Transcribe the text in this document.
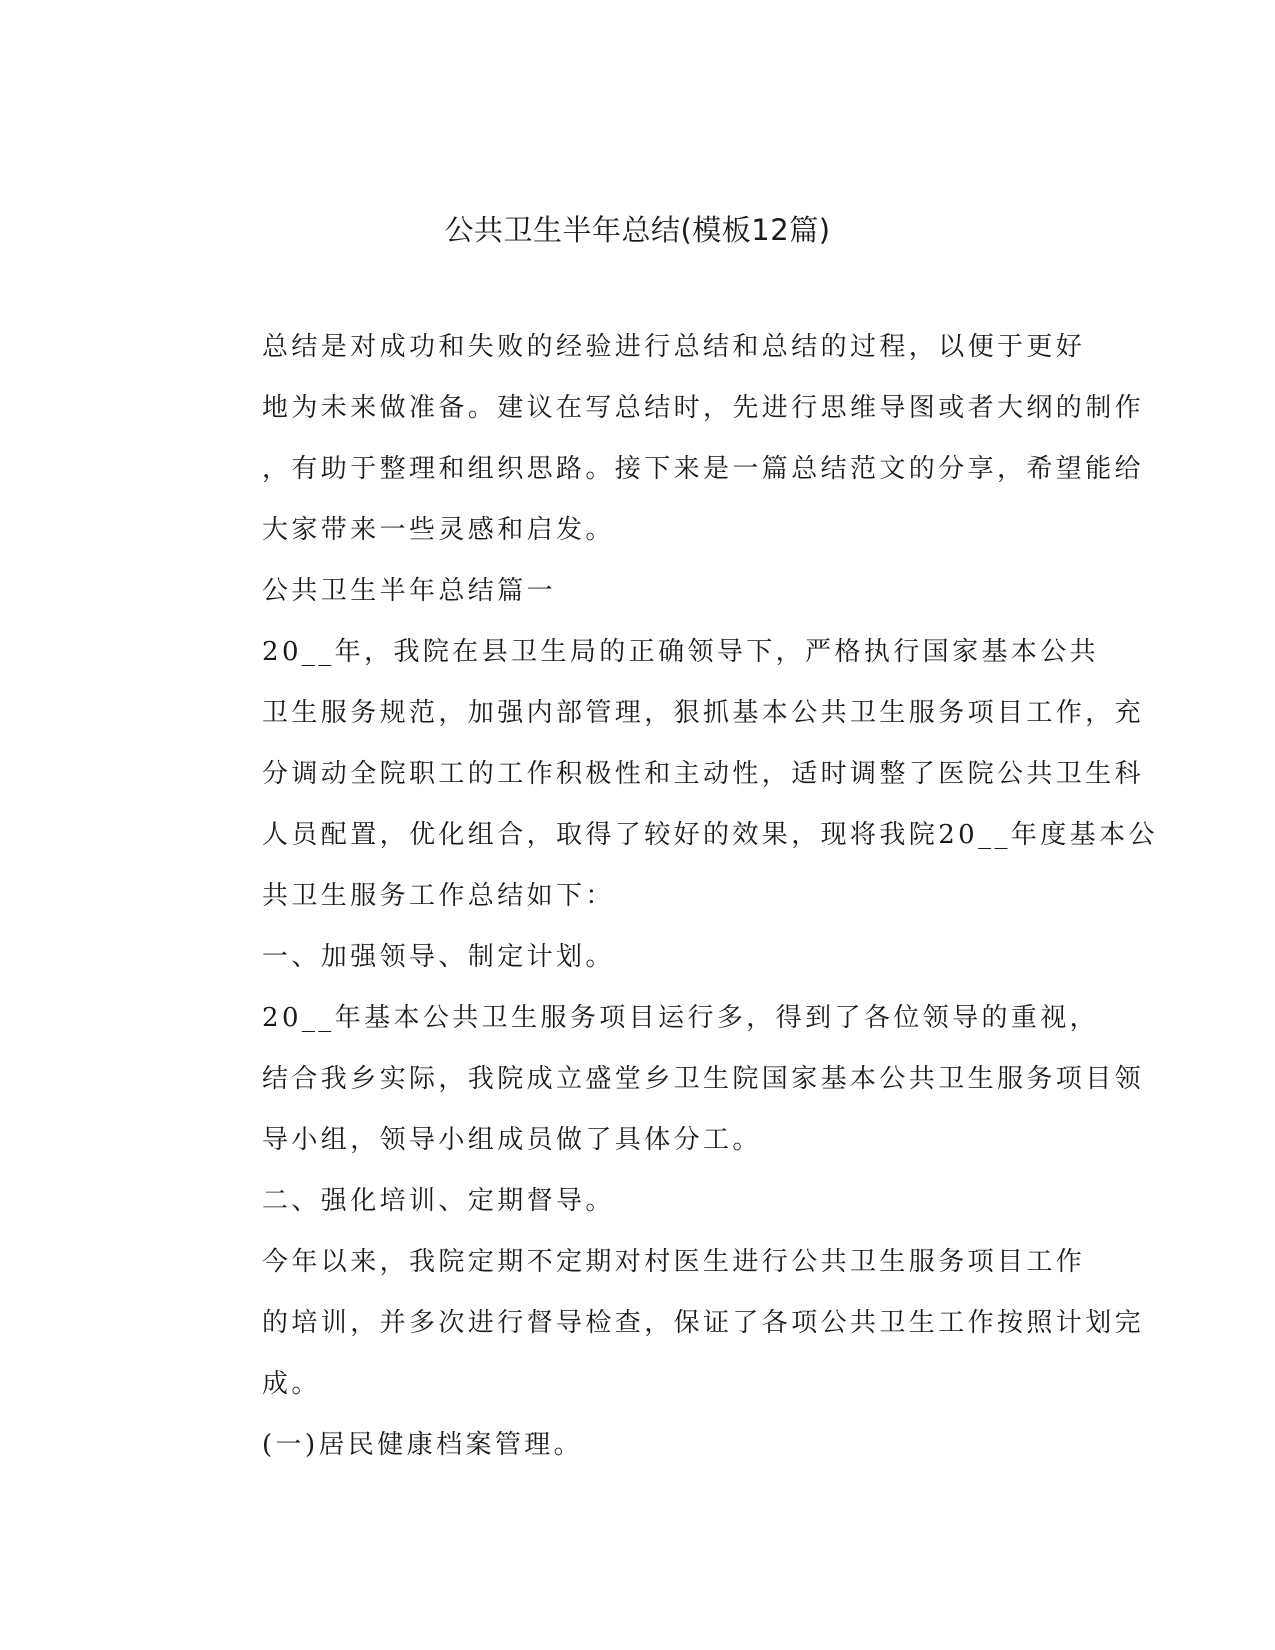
公共卫生半年总结(模板12篇)

总结是对成功和失败的经验进行总结和总结的过程，以便于更好
地为未来做准备。建议在写总结时，先进行思维导图或者大纲的制作
，有助于整理和组织思路。接下来是一篇总结范文的分享，希望能给
大家带来一些灵感和启发。

公共卫生半年总结篇一

20__年，我院在县卫生局的正确领导下，严格执行国家基本公共
卫生服务规范，加强内部管理，狠抓基本公共卫生服务项目工作，充
分调动全院职工的工作积极性和主动性，适时调整了医院公共卫生科
人员配置，优化组合，取得了较好的效果，现将我院20__年度基本公
共卫生服务工作总结如下：

一、加强领导、制定计划。

20__年基本公共卫生服务项目运行多，得到了各位领导的重视，
结合我乡实际，我院成立盛堂乡卫生院国家基本公共卫生服务项目领
导小组，领导小组成员做了具体分工。

二、强化培训、定期督导。

今年以来，我院定期不定期对村医生进行公共卫生服务项目工作
的培训，并多次进行督导检查，保证了各项公共卫生工作按照计划完
成。

(一)居民健康档案管理。
